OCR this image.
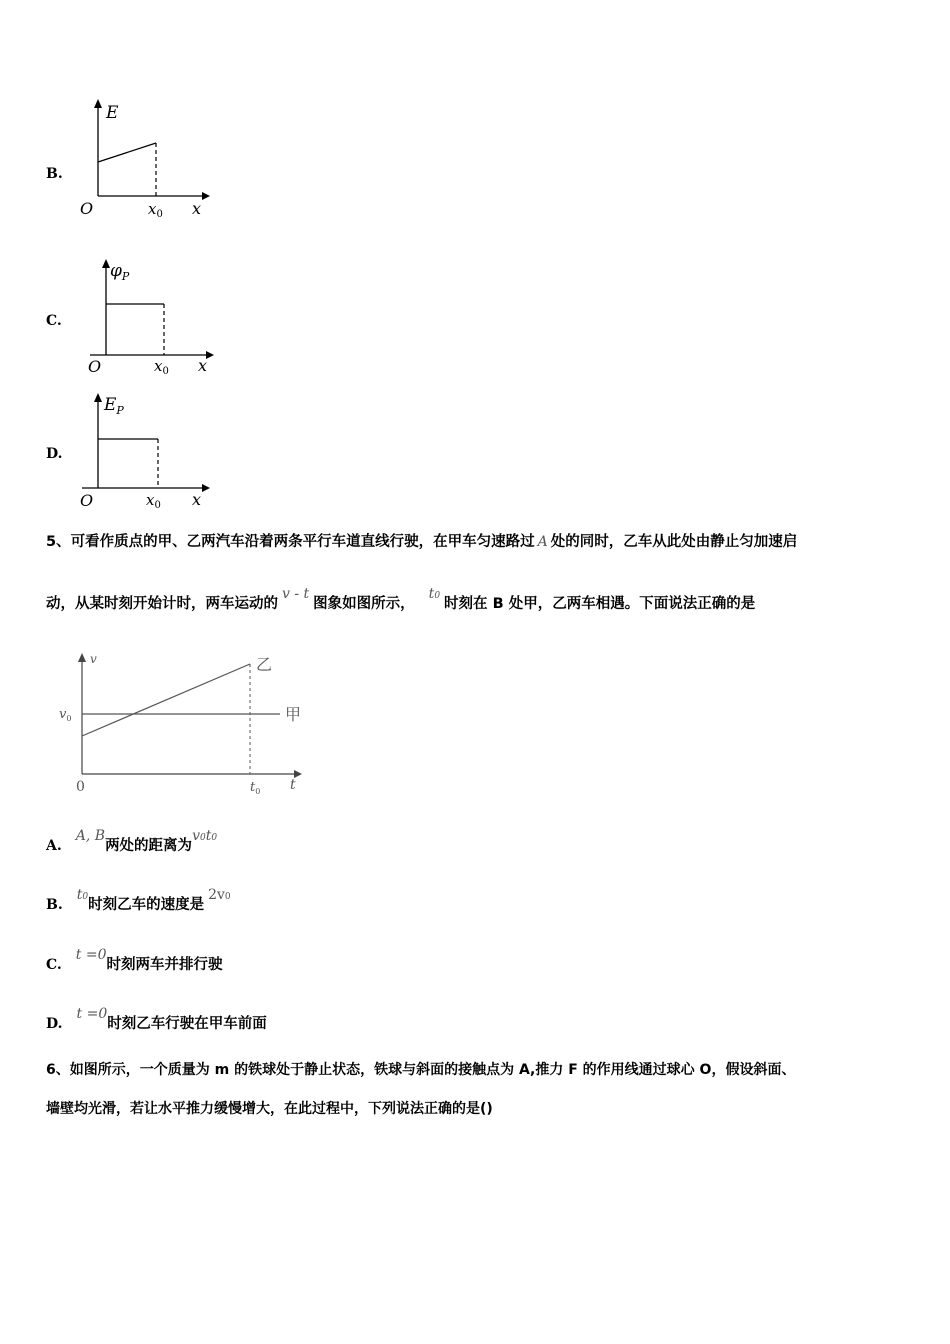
B.
E
O	$x_0$ x
C.
$\varphi_P$
O	$x_0$ x
D.
$E_P$
O	$x_0$ x
5、可看作质点的甲、乙两汽车沿着两条平行车道直线行驶，在甲车匀速路过 A 处的同时，乙车从此处由静止匀加速启
动，从某时刻开始计时，两车运动的v - t图象如图所示，t0 时刻在 B 处甲，乙两车相遇。下面说法正确的是
v
t
0
$v_0$
$t_0$
甲
乙
A.A, B两处的距离为v0t0
B.t0时刻乙车的速度是2v0
C.t =0时刻两车并排行驶
D.t =0时刻乙车行驶在甲车前面
6、如图所示，一个质量为 m 的铁球处于静止状态，铁球与斜面的接触点为 A,推力 F 的作用线通过球心 O，假设斜面、
墙壁均光滑，若让水平推力缓慢增大，在此过程中，下列说法正确的是()
